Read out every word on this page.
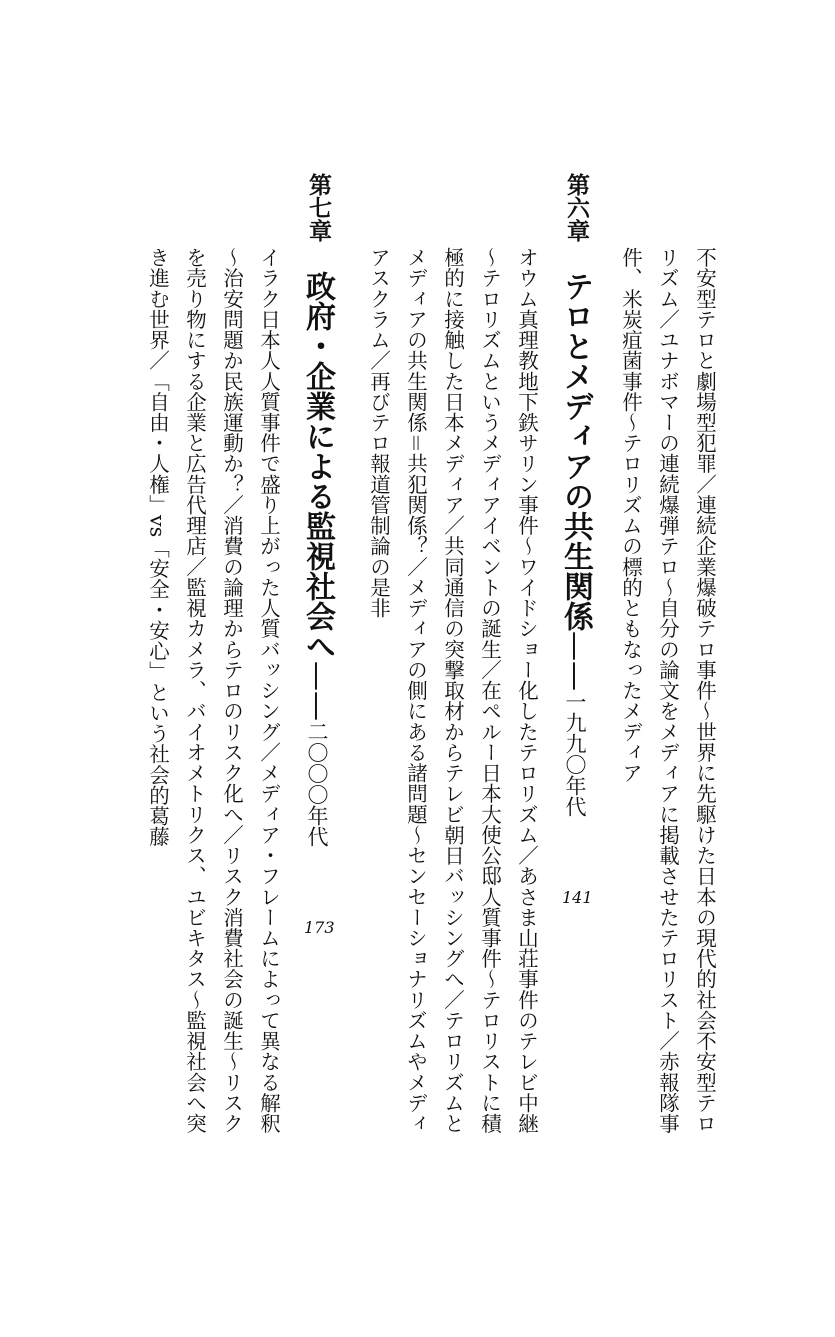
不安型テロと劇場型犯罪／連続企業爆破テロ事件～世界に先駆けた日本の現代的社会不安型テロ
リズム／ユナボマーの連続爆弾テロ～自分の論文をメディアに掲載させたテロリスト／赤報隊事
件、米炭疽菌事件～テロリズムの標的ともなったメディア
第六章
テロとメディアの共生関係——一九九〇年代
141
オウム真理教地下鉄サリン事件～ワイドショー化したテロリズム／あさま山荘事件のテレビ中継
～テロリズムというメディアイベントの誕生／在ペルー日本大使公邸人質事件～テロリストに積
極的に接触した日本メディア／共同通信の突撃取材からテレビ朝日バッシングへ／テロリズムと
メディアの共生関係＝共犯関係？／メディアの側にある諸問題～センセーショナリズムやメディ
アスクラム／再びテロ報道管制論の是非
第七章
政府・企業による監視社会へ——二〇〇〇年代
173
イラク日本人人質事件で盛り上がった人質バッシング／メディア・フレームによって異なる解釈
～治安問題か民族運動か？／消費の論理からテロのリスク化へ／リスク消費社会の誕生～リスク
を売り物にする企業と広告代理店／監視カメラ、バイオメトリクス、ユビキタス～監視社会へ突
き進む世界／「自由・人権」vs「安全・安心」という社会的葛藤
